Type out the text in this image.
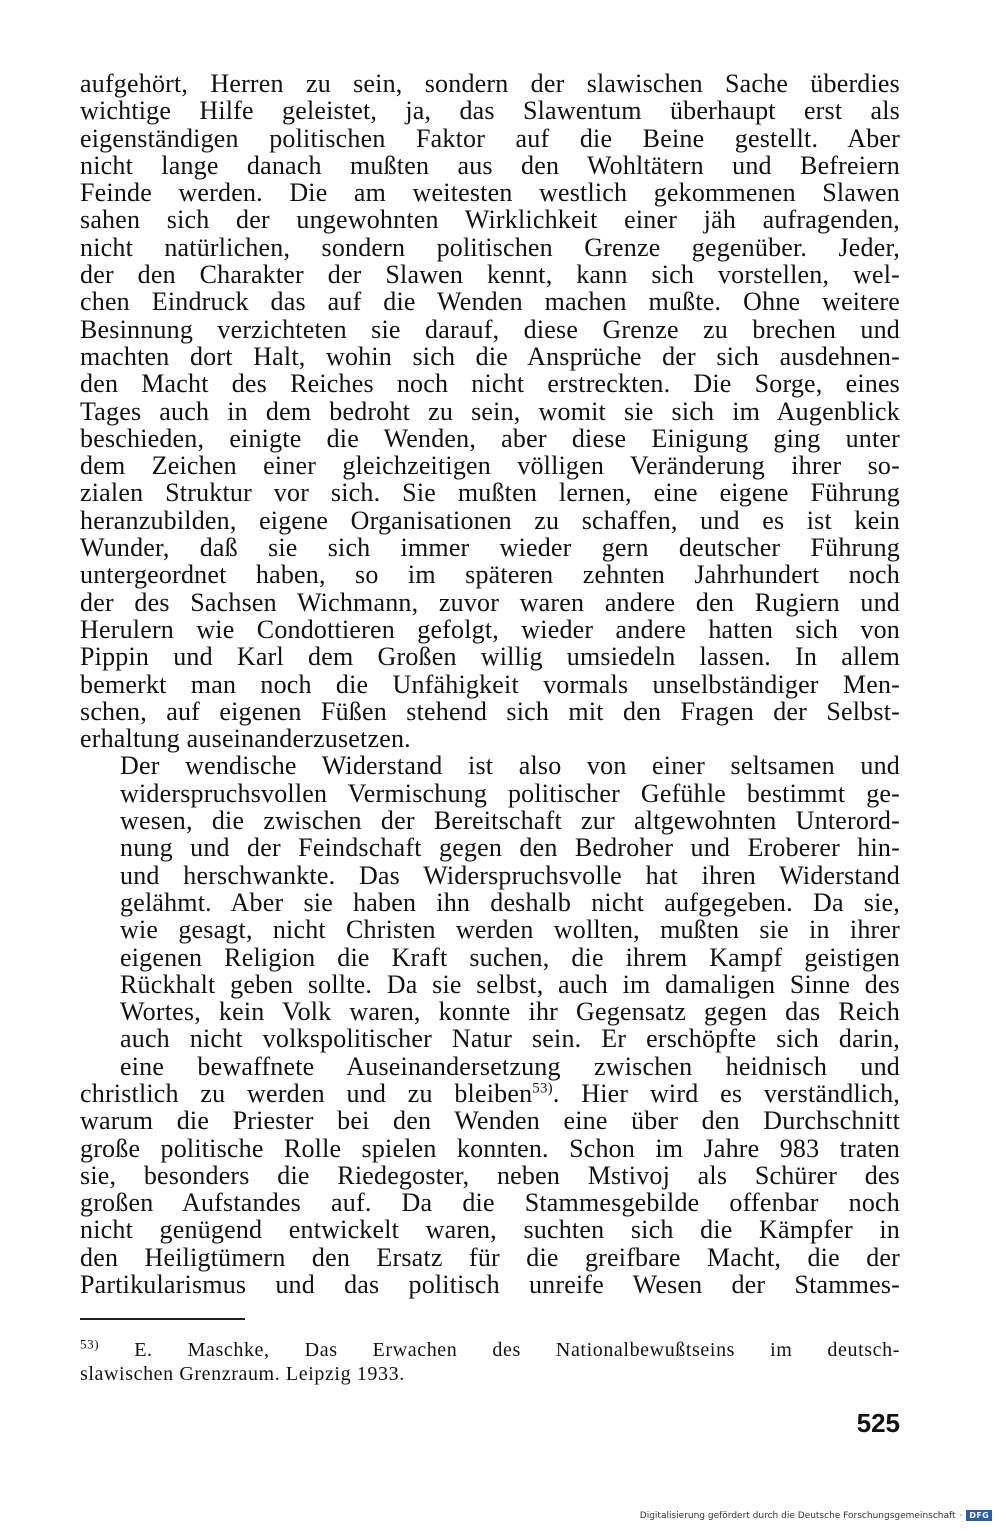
aufgehört, Herren zu sein, sondern der slawischen Sache überdies
wichtige Hilfe geleistet, ja, das Slawentum überhaupt erst als
eigenständigen politischen Faktor auf die Beine gestellt. Aber
nicht lange danach mußten aus den Wohltätern und Befreiern
Feinde werden. Die am weitesten westlich gekommenen Slawen
sahen sich der ungewohnten Wirklichkeit einer jäh aufragenden,
nicht natürlichen, sondern politischen Grenze gegenüber. Jeder,
der den Charakter der Slawen kennt, kann sich vorstellen, wel-
chen Eindruck das auf die Wenden machen mußte. Ohne weitere
Besinnung verzichteten sie darauf, diese Grenze zu brechen und
machten dort Halt, wohin sich die Ansprüche der sich ausdehnen-
den Macht des Reiches noch nicht erstreckten. Die Sorge, eines
Tages auch in dem bedroht zu sein, womit sie sich im Augenblick
beschieden, einigte die Wenden, aber diese Einigung ging unter
dem Zeichen einer gleichzeitigen völligen Veränderung ihrer so-
zialen Struktur vor sich. Sie mußten lernen, eine eigene Führung
heranzubilden, eigene Organisationen zu schaffen, und es ist kein
Wunder, daß sie sich immer wieder gern deutscher Führung
untergeordnet haben, so im späteren zehnten Jahrhundert noch
der des Sachsen Wichmann, zuvor waren andere den Rugiern und
Herulern wie Condottieren gefolgt, wieder andere hatten sich von
Pippin und Karl dem Großen willig umsiedeln lassen. In allem
bemerkt man noch die Unfähigkeit vormals unselbständiger Men-
schen, auf eigenen Füßen stehend sich mit den Fragen der Selbst-
erhaltung auseinanderzusetzen.

Der wendische Widerstand ist also von einer seltsamen und
widerspruchsvollen Vermischung politischer Gefühle bestimmt ge-
wesen, die zwischen der Bereitschaft zur altgewohnten Unterord-
nung und der Feindschaft gegen den Bedroher und Eroberer hin-
und herschwankte. Das Widerspruchsvolle hat ihren Widerstand
gelähmt. Aber sie haben ihn deshalb nicht aufgegeben. Da sie,
wie gesagt, nicht Christen werden wollten, mußten sie in ihrer
eigenen Religion die Kraft suchen, die ihrem Kampf geistigen
Rückhalt geben sollte. Da sie selbst, auch im damaligen Sinne des
Wortes, kein Volk waren, konnte ihr Gegensatz gegen das Reich
auch nicht volkspolitischer Natur sein. Er erschöpfte sich darin,
eine bewaffnete Auseinandersetzung zwischen heidnisch und

christlich zu werden und zu bleiben$^{53)}$. Hier wird es verständlich,

warum die Priester bei den Wenden eine über den Durchschnitt
große politische Rolle spielen konnten. Schon im Jahre 983 traten
sie, besonders die Riedegoster, neben Mstivoj als Schürer des
großen Aufstandes auf. Da die Stammesgebilde offenbar noch
nicht genügend entwickelt waren, suchten sich die Kämpfer in
den Heiligtümern den Ersatz für die greifbare Macht, die der
Partikularismus und das politisch unreife Wesen der Stammes-

$^{53)}$ E. Maschke, Das Erwachen des Nationalbewußtseins im deutsch-
slawischen Grenzraum. Leipzig 1933.
525
Digitalisierung gefördert durch die Deutsche Forschungsgemeinschaft · DFG
